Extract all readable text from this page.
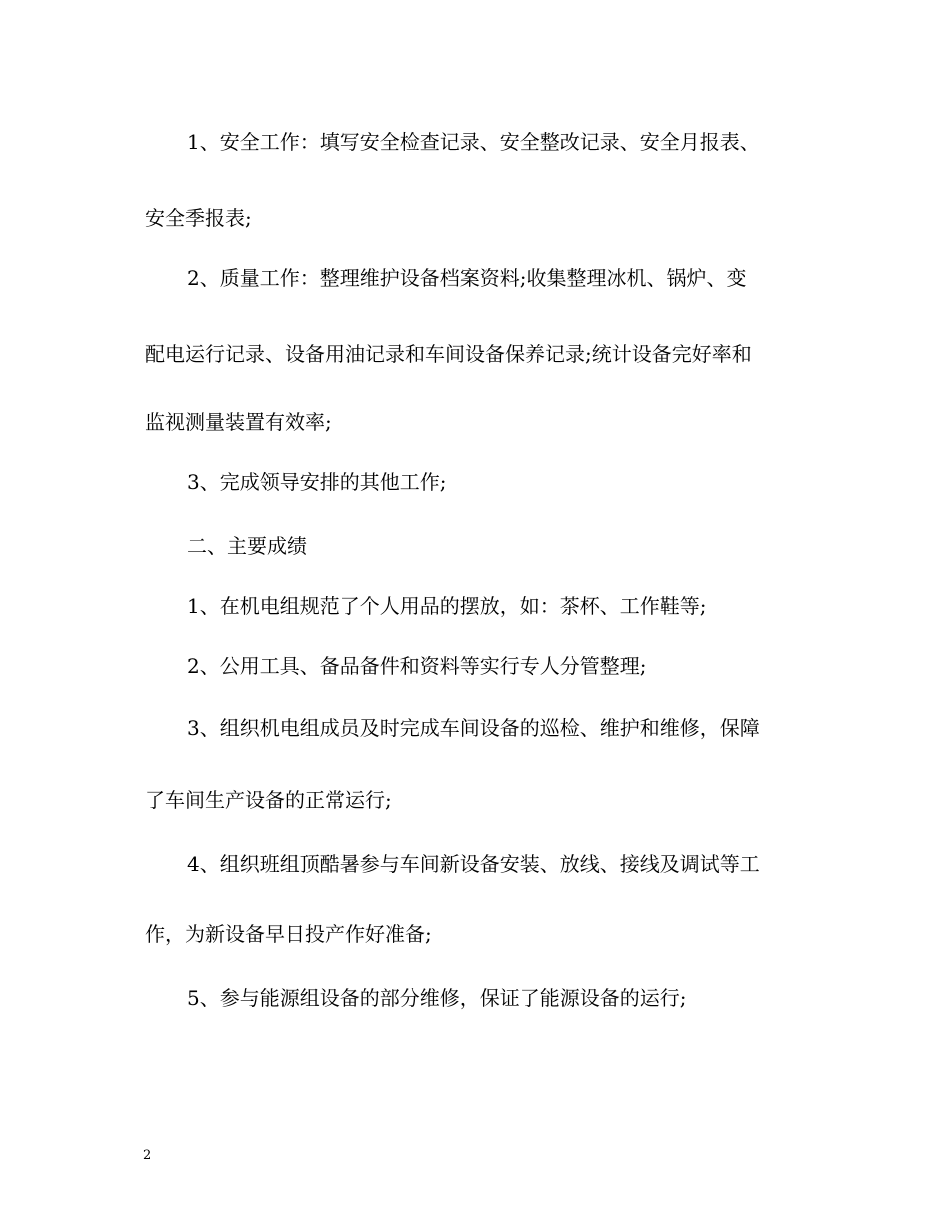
1、安全工作：填写安全检查记录、安全整改记录、安全月报表、

安全季报表;

2、质量工作：整理维护设备档案资料;收集整理冰机、锅炉、变

配电运行记录、设备用油记录和车间设备保养记录;统计设备完好率和

监视测量装置有效率;

3、完成领导安排的其他工作;

二、主要成绩

1、在机电组规范了个人用品的摆放，如：茶杯、工作鞋等;

2、公用工具、备品备件和资料等实行专人分管整理;

3、组织机电组成员及时完成车间设备的巡检、维护和维修，保障

了车间生产设备的正常运行;

4、组织班组顶酷暑参与车间新设备安装、放线、接线及调试等工

作，为新设备早日投产作好准备;

5、参与能源组设备的部分维修，保证了能源设备的运行;

2
